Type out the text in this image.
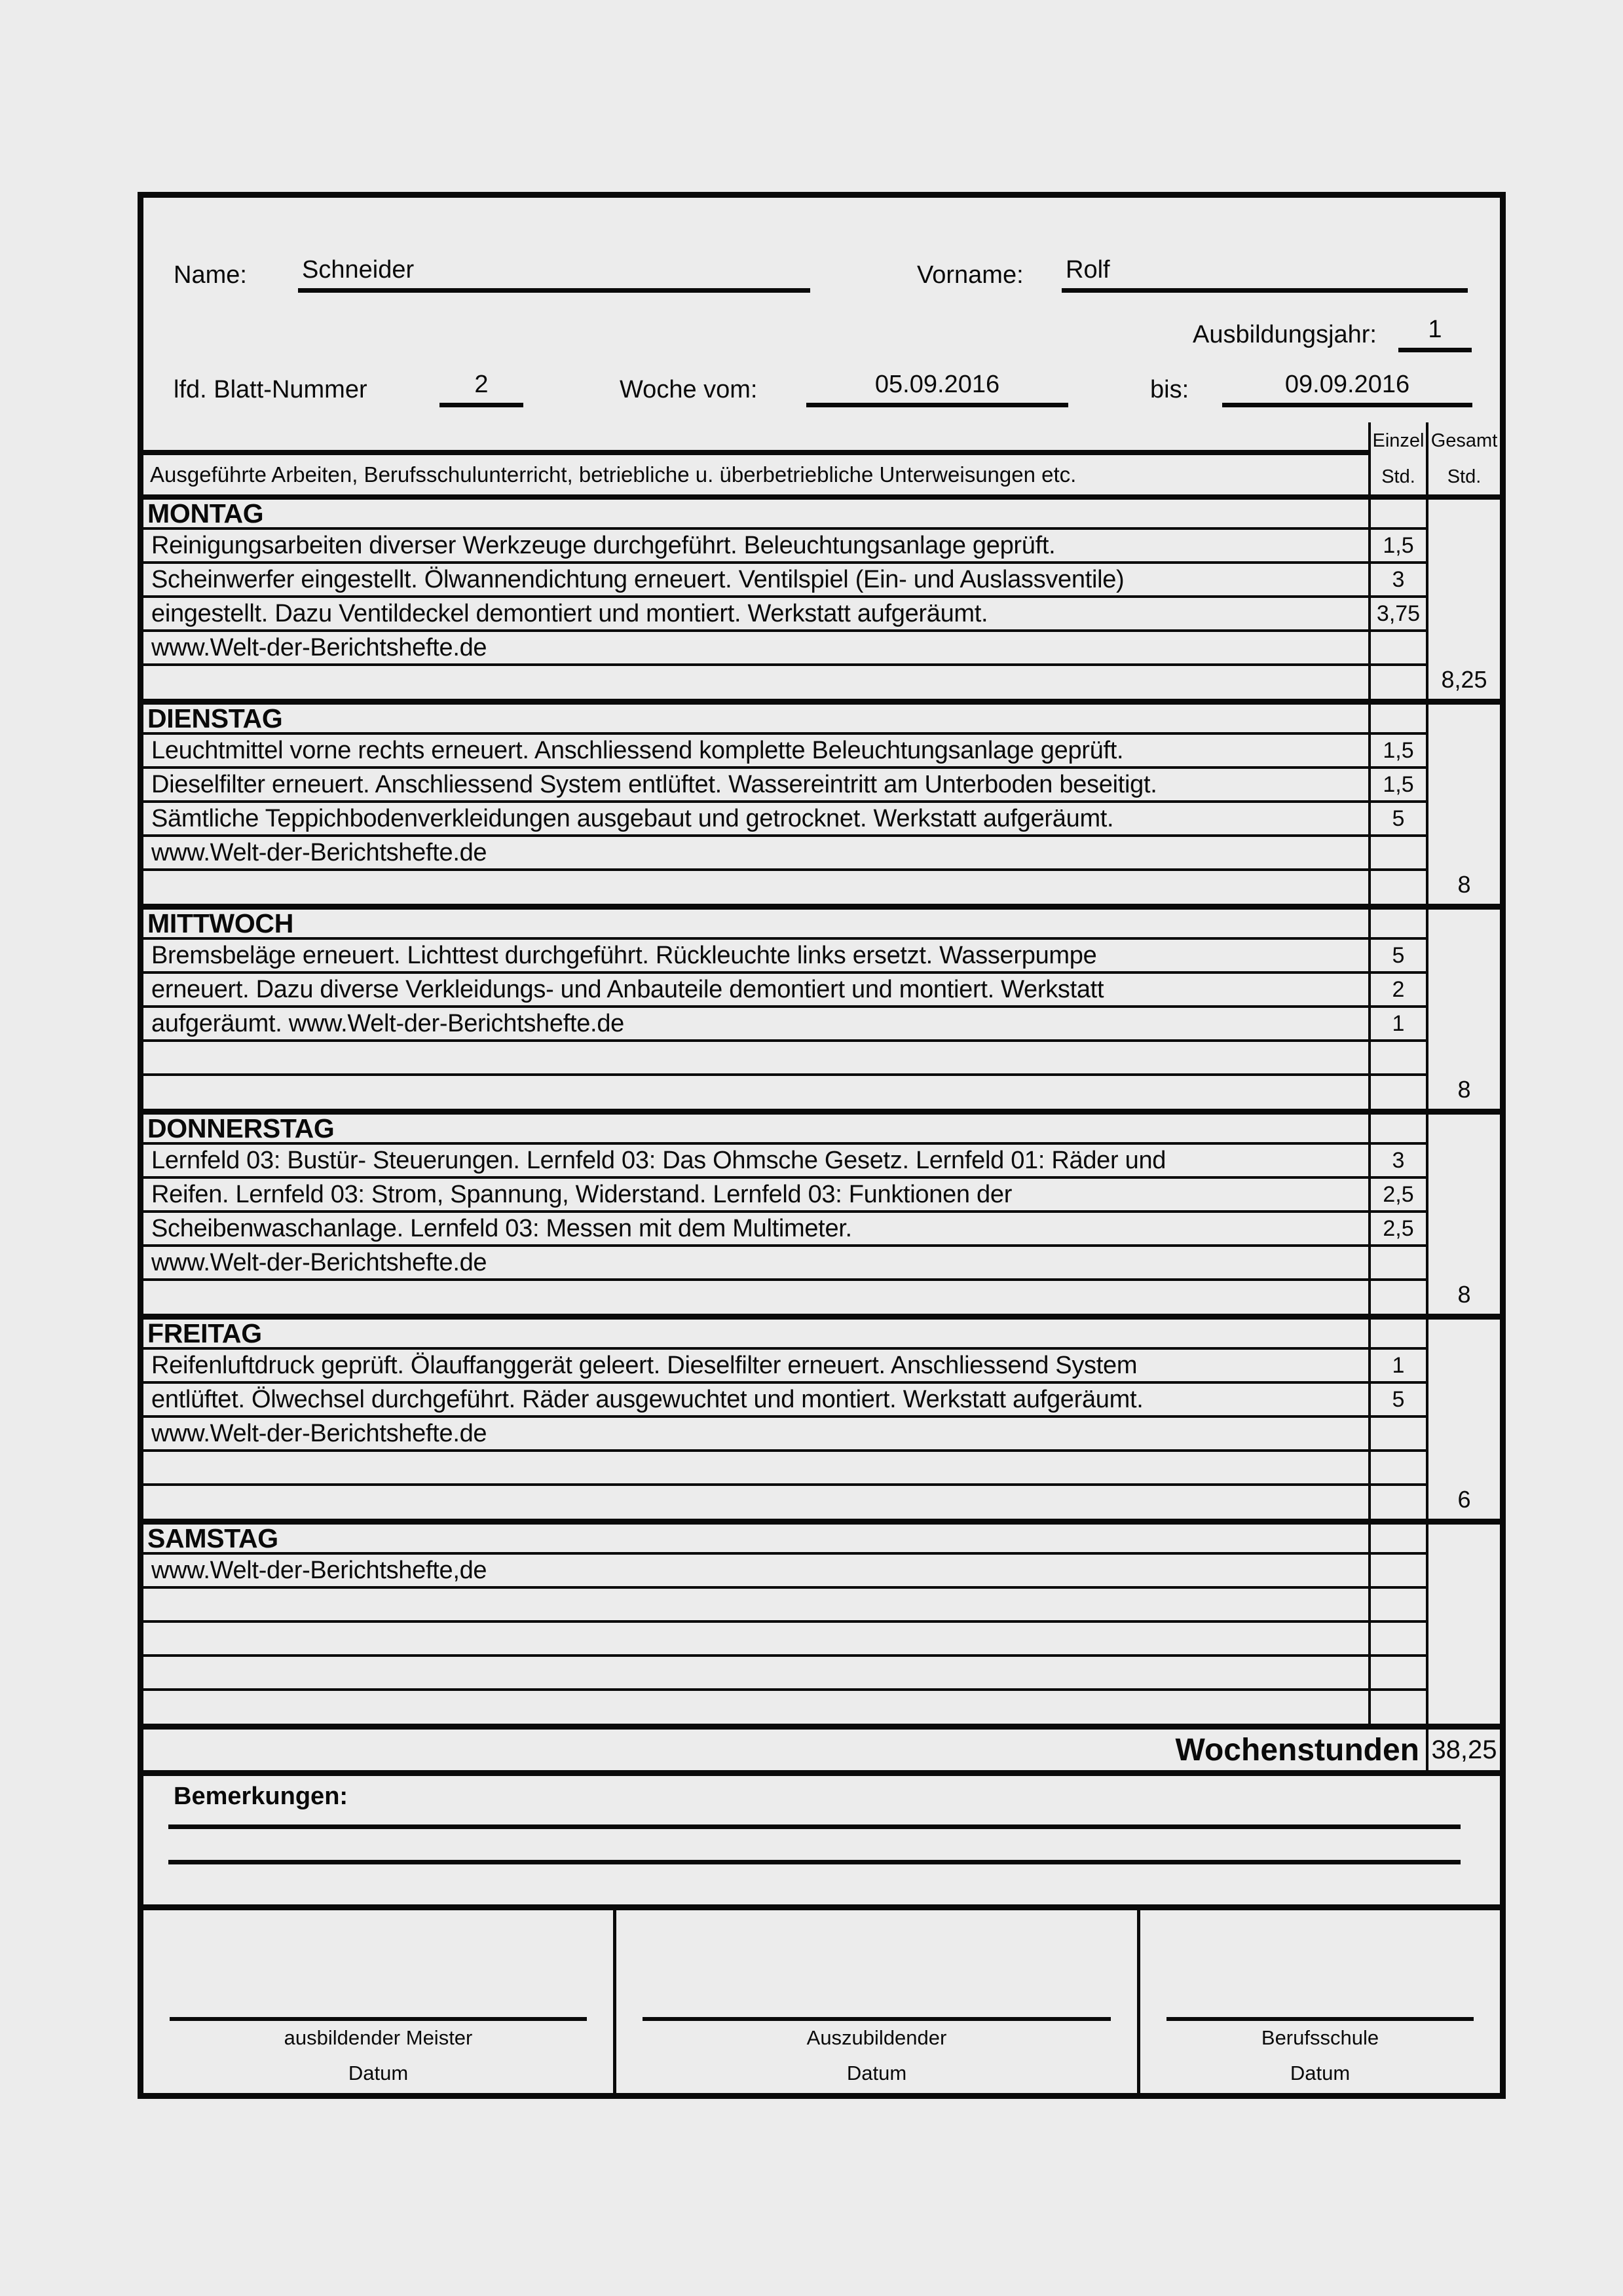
Name: Schneider	Vorname: Rolf
Ausbildungsjahr:	1
lfd. Blatt-Nummer	2	Woche vom:	05.09.2016	bis:	09.09.2016
Ausgeführte Arbeiten, Berufsschulunterricht, betriebliche u. überbetriebliche Unterweisungen etc.
Einzel
Std.
Gesamt
Std.
MONTAG
Reinigungsarbeiten diverser Werkzeuge durchgeführt. Beleuchtungsanlage geprüft.	1,5
Scheinwerfer eingestellt. Ölwannendichtung erneuert. Ventilspiel (Ein- und Auslassventile)	3
eingestellt. Dazu Ventildeckel demontiert und montiert. Werkstatt aufgeräumt.	3,75
www.Welt-der-Berichtshefte.de
8,25
DIENSTAG
Leuchtmittel vorne rechts erneuert. Anschliessend komplette Beleuchtungsanlage geprüft.	1,5
Dieselfilter erneuert. Anschliessend System entlüftet. Wassereintritt am Unterboden beseitigt.	1,5
Sämtliche Teppichbodenverkleidungen ausgebaut und getrocknet. Werkstatt aufgeräumt.	5
www.Welt-der-Berichtshefte.de
8
MITTWOCH
Bremsbeläge erneuert. Lichttest durchgeführt. Rückleuchte links ersetzt. Wasserpumpe	5
erneuert. Dazu diverse Verkleidungs- und Anbauteile demontiert und montiert. Werkstatt	2
aufgeräumt. www.Welt-der-Berichtshefte.de	1
8
DONNERSTAG
Lernfeld 03: Bustür- Steuerungen. Lernfeld 03: Das Ohmsche Gesetz. Lernfeld 01: Räder und	3
Reifen. Lernfeld 03: Strom, Spannung, Widerstand. Lernfeld 03: Funktionen der	2,5
Scheibenwaschanlage. Lernfeld 03: Messen mit dem Multimeter.	2,5
www.Welt-der-Berichtshefte.de
8
FREITAG
Reifenluftdruck geprüft. Ölauffanggerät geleert. Dieselfilter erneuert. Anschliessend System	1
entlüftet. Ölwechsel durchgeführt. Räder ausgewuchtet und montiert. Werkstatt aufgeräumt.	5
www.Welt-der-Berichtshefte.de
6
SAMSTAG
www.Welt-der-Berichtshefte,de
Wochenstunden 38,25
Bemerkungen:
ausbildender Meister
Datum
Auszubildender
Datum
Berufsschule
Datum
